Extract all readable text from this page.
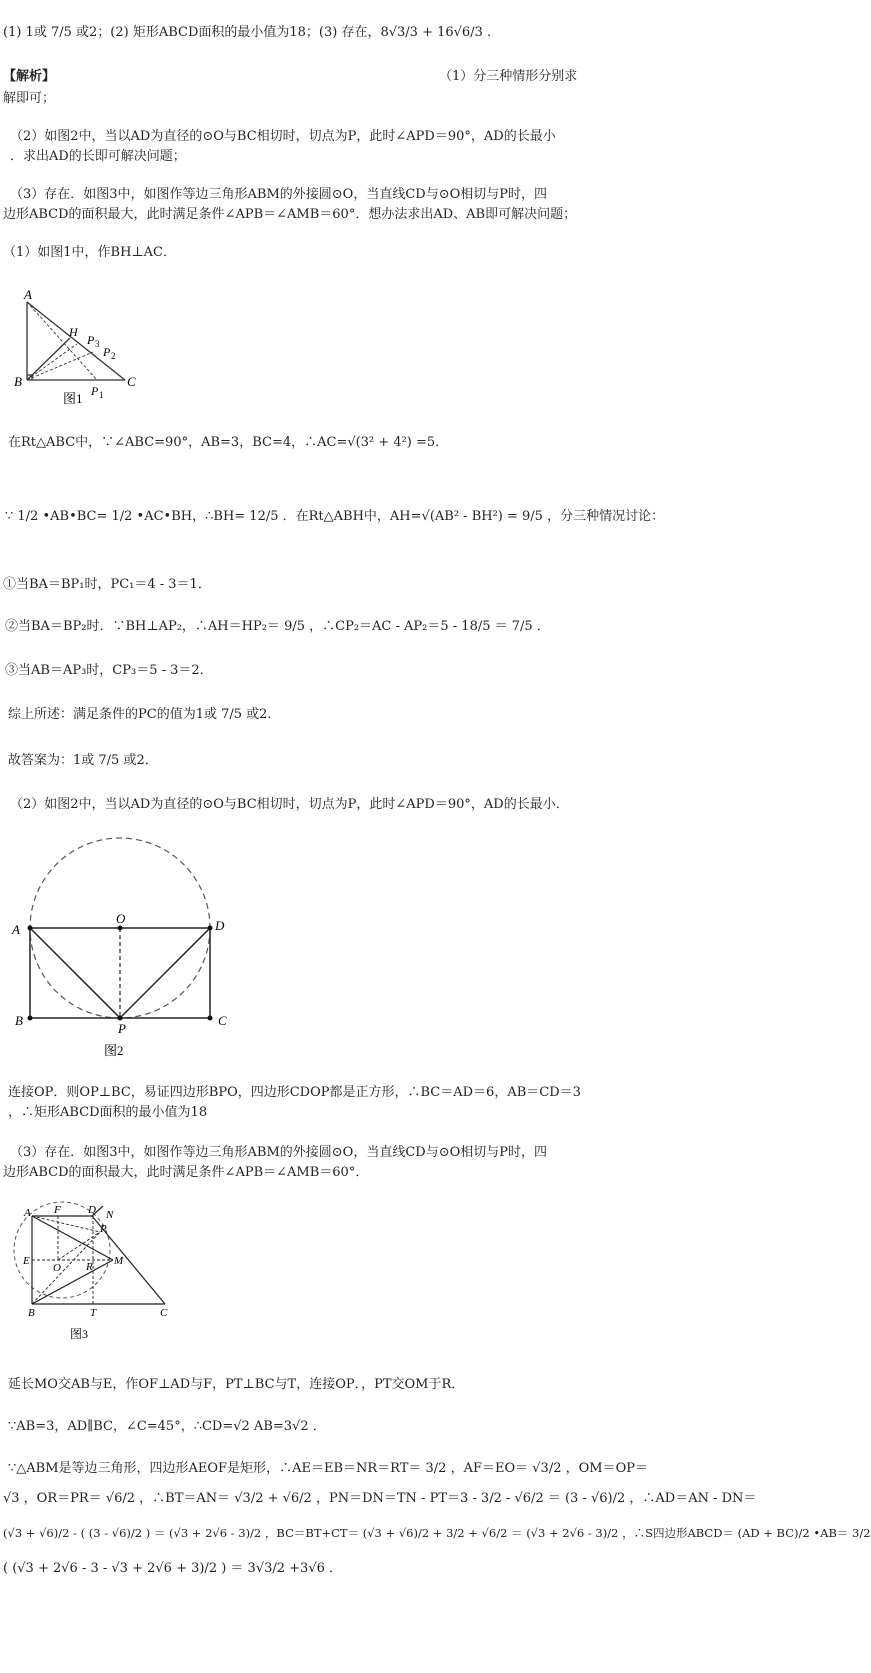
(1) 1或 7/5 或2；(2) 矩形ABCD面积的最小值为18；(3) 存在，8√3/3 + 16√6/3 .
【解析】	（1）分三种情形分别求
解即可；
（2）如图2中，当以AD为直径的⊙O与BC相切时，切点为P，此时∠APD＝90°，AD的长最小
．求出AD的长即可解决问题；
（3）存在．如图3中，如图作等边三角形ABM的外接圆⊙O，当直线CD与⊙O相切与P时，四
边形ABCD的面积最大，此时满足条件∠APB＝∠AMB＝60°．想办法求出AD、AB即可解决问题；
（1）如图1中，作BH⊥AC．
A
B	C
H
P 3
P 2
P 1
图1
在Rt△ABC中，∵∠ABC=90°，AB=3，BC=4，∴AC=√(3² + 4²) =5．
∵ 1/2 •AB•BC= 1/2 •AC•BH，∴BH= 12/5 ．在Rt△ABH中，AH=√(AB² - BH²) = 9/5 ，分三种情况讨论：
①当BA＝BP₁时，PC₁＝4 - 3＝1．
②当BA＝BP₂时．∵BH⊥AP₂，∴AH＝HP₂＝ 9/5 ，∴CP₂＝AC - AP₂＝5 - 18/5 ＝ 7/5 ．
③当AB＝AP₃时，CP₃＝5 - 3＝2．
综上所述：满足条件的PC的值为1或 7/5 或2．
故答案为：1或 7/5 或2．
（2）如图2中，当以AD为直径的⊙O与BC相切时，切点为P，此时∠APD＝90°，AD的长最小．
A	D
O
B	C
P
图2
连接OP．则OP⊥BC，易证四边形BPO，四边形CDOP都是正方形，∴BC＝AD＝6，AB＝CD＝3
，∴矩形ABCD面积的最小值为18
（3）存在．如图3中，如图作等边三角形ABM的外接圆⊙O，当直线CD与⊙O相切与P时，四
边形ABCD的面积最大，此时满足条件∠APB＝∠AMB＝60°．
A F D N
P
E
O R M
B	T	C
图3
延长MO交AB与E，作OF⊥AD与F，PT⊥BC与T，连接OP．，PT交OM于R．
∵AB=3，AD∥BC，∠C=45°，∴CD=√2 AB=3√2 ．
∵△ABM是等边三角形，四边形AEOF是矩形，∴AE＝EB＝NR＝RT＝ 3/2 ，AF＝EO＝ √3/2 ，OM＝OP＝
√3 ，OR＝PR＝ √6/2 ，∴BT＝AN＝ √3/2 + √6/2 ，PN＝DN＝TN - PT＝3 - 3/2 - √6/2 ＝ (3 - √6)/2 ，∴AD＝AN - DN＝
(√3 + √6)/2 - ( (3 - √6)/2 ) ＝ (√3 + 2√6 - 3)/2 ，BC＝BT+CT＝ (√3 + √6)/2 + 3/2 + √6/2 ＝ (√3 + 2√6 - 3)/2 ，∴S四边形ABCD＝ (AD + BC)/2 •AB＝ 3/2
( (√3 + 2√6 - 3 - √3 + 2√6 + 3)/2 ) ＝ 3√3/2 +3√6 ．
